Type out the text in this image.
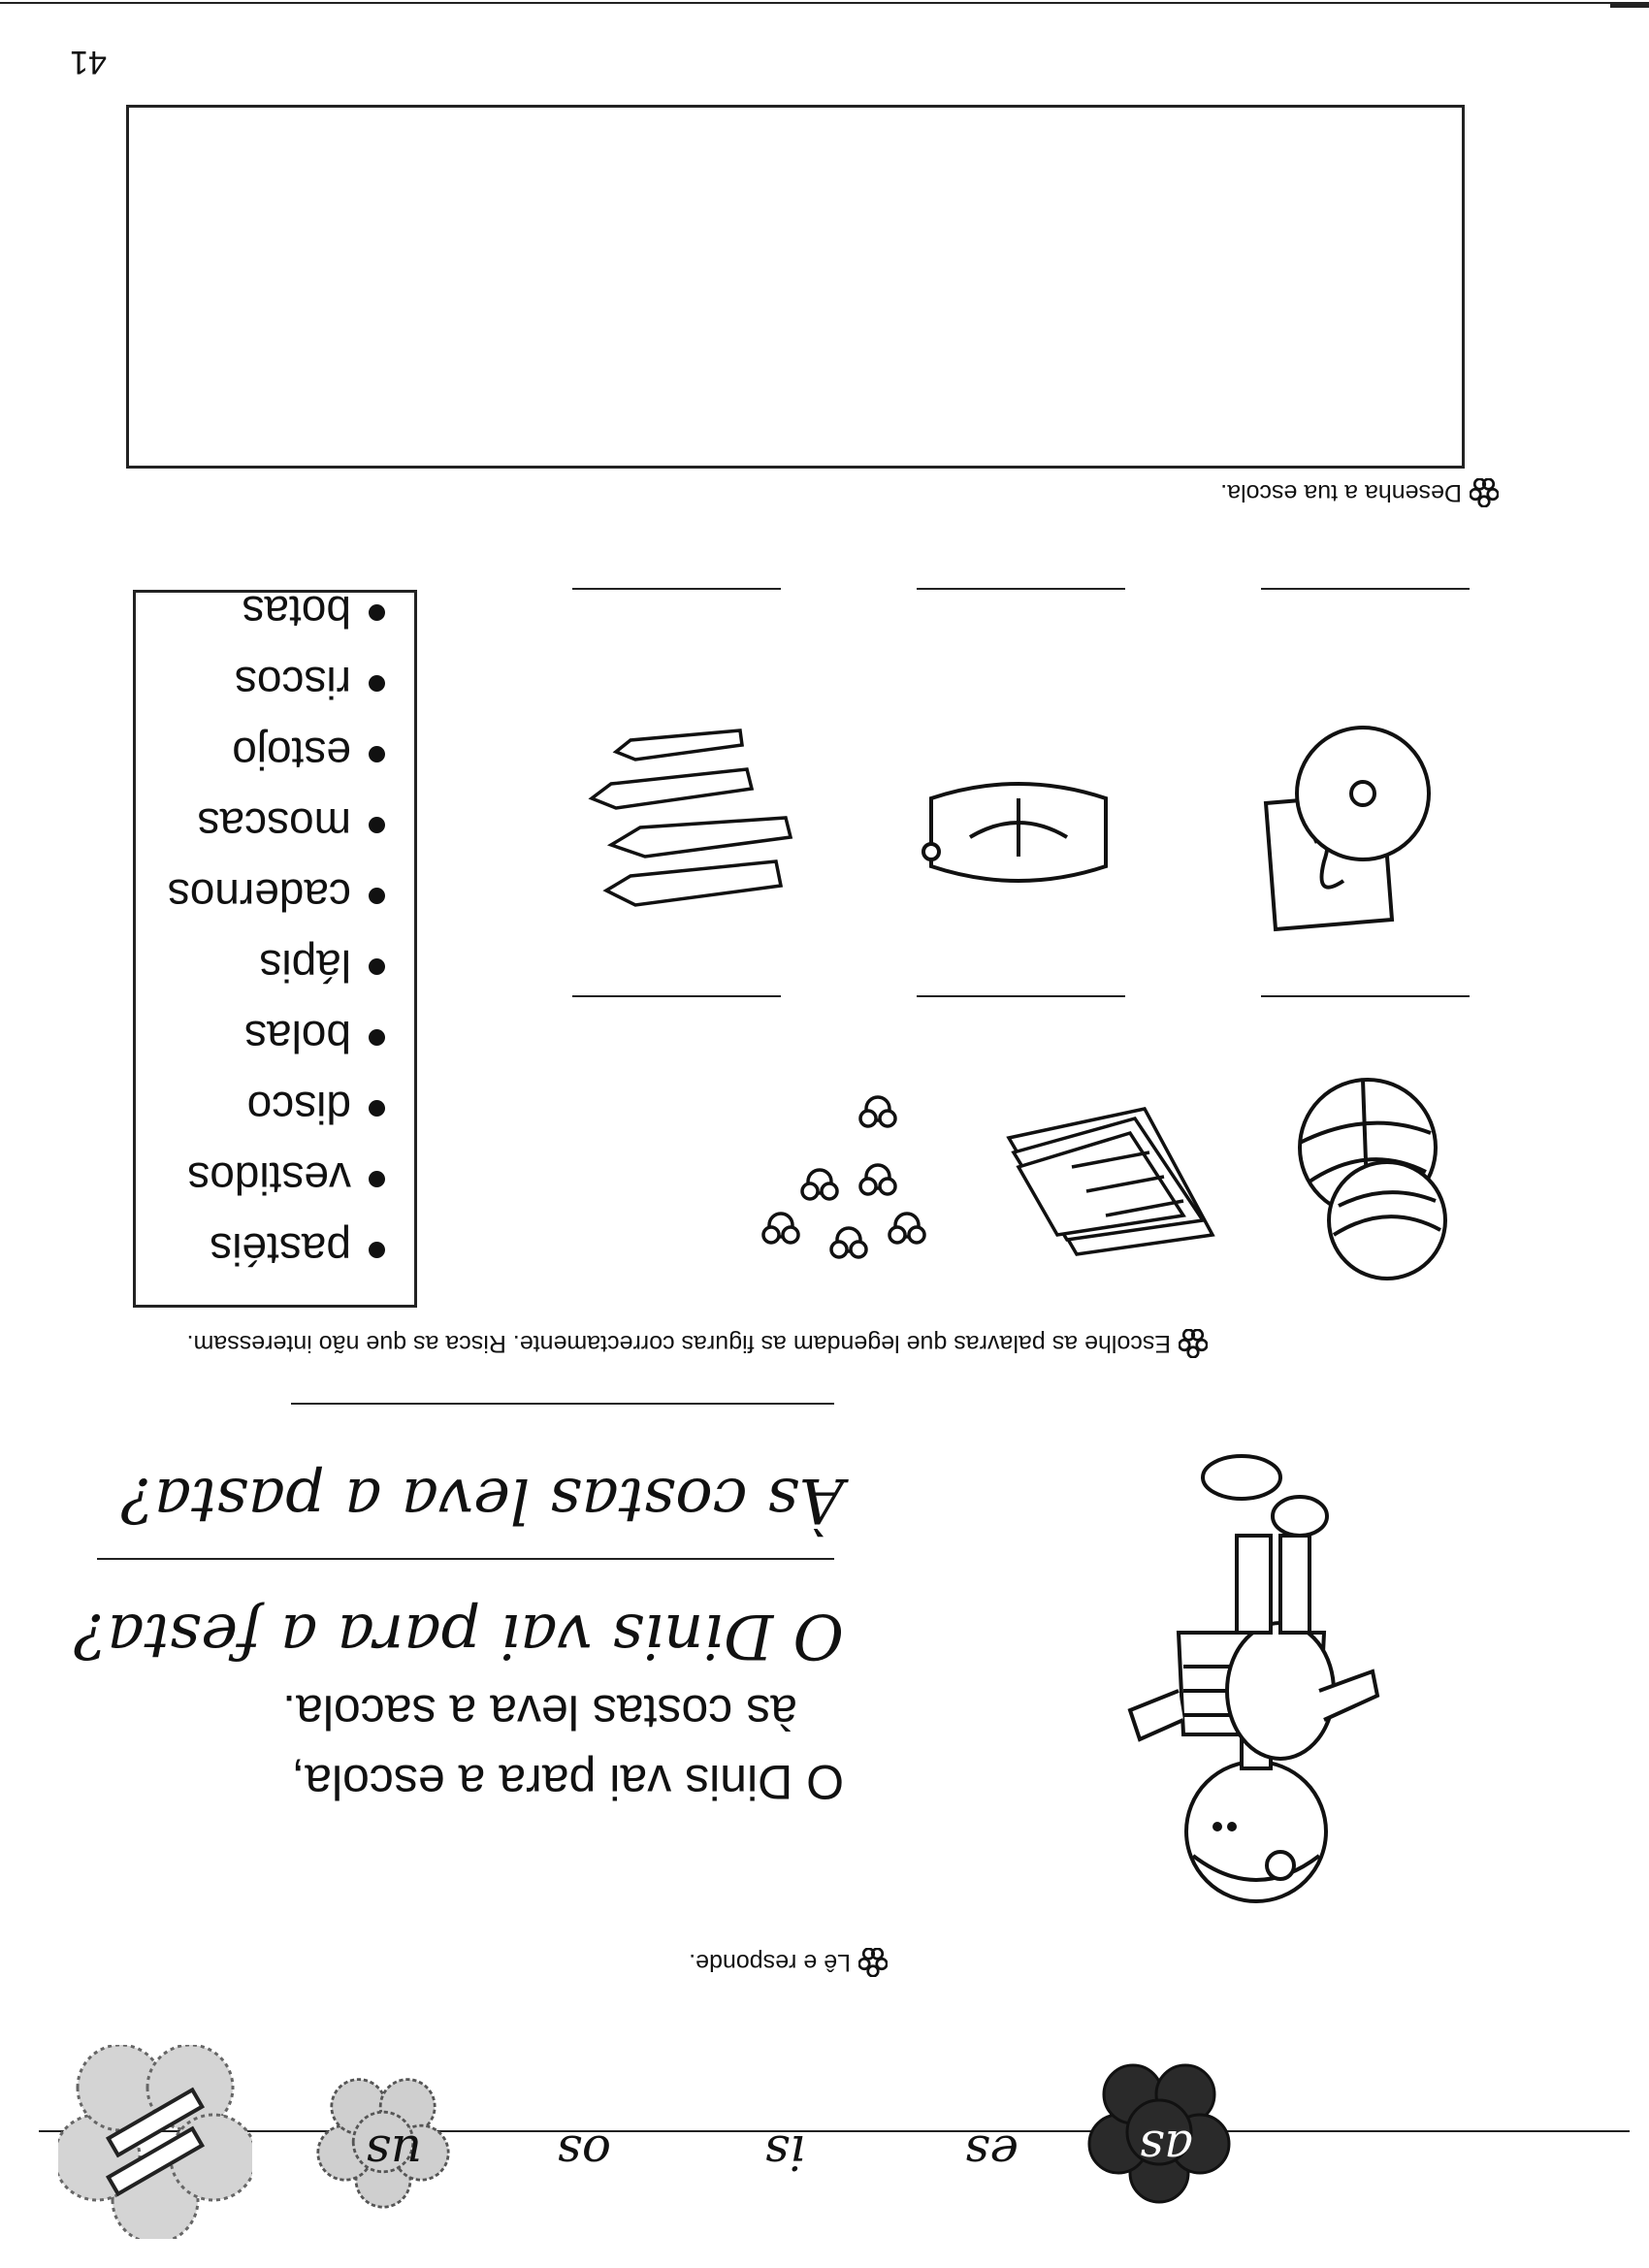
as
es
is
os
us
Lê e responde.
O Dinis vai para a escola,
às costas leva a sacola.
O Dinis vai para a festa?
Às costas leva a pasta?
Escolhe as palavras que legendam as figuras correctamente. Risca as que não interessam.
pastéis
vestidos
disco
bolas
lápis
cadernos
moscas
estojo
riscos
botas
Desenha a tua escola.
41
